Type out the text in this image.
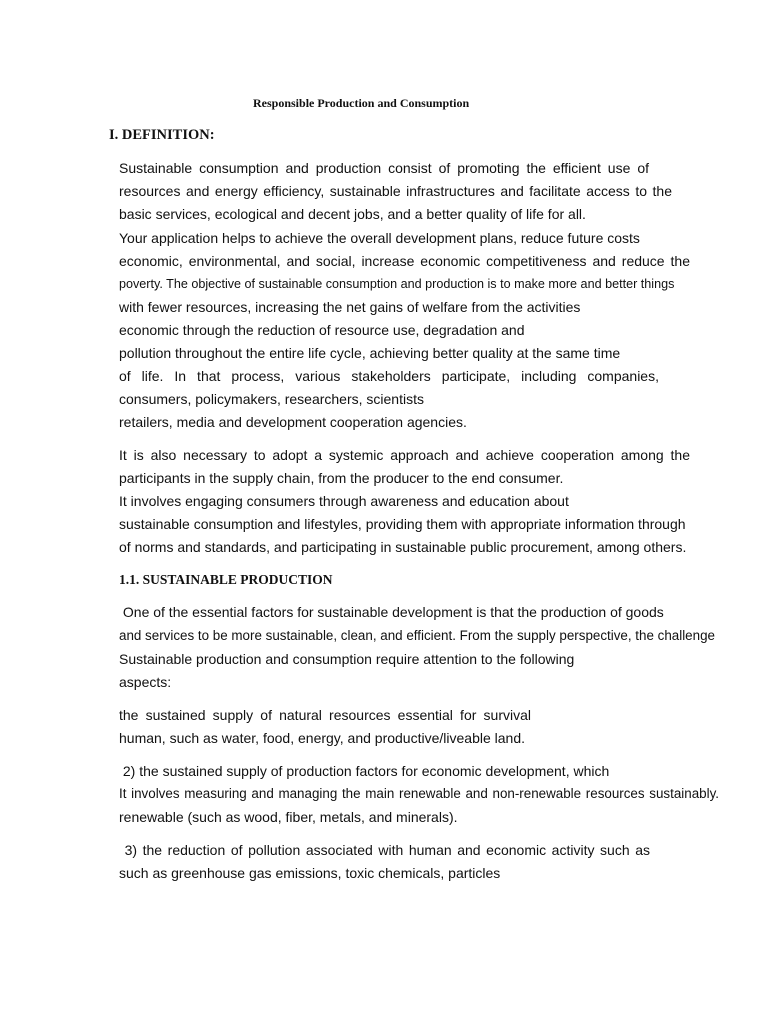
Responsible Production and Consumption
I. DEFINITION:
Sustainable consumption and production consist of promoting the efficient use of
resources and energy efficiency, sustainable infrastructures and facilitate access to the
basic services, ecological and decent jobs, and a better quality of life for all.
Your application helps to achieve the overall development plans, reduce future costs
economic, environmental, and social, increase economic competitiveness and reduce the
poverty. The objective of sustainable consumption and production is to make more and better things
with fewer resources, increasing the net gains of welfare from the activities
economic through the reduction of resource use, degradation and
pollution throughout the entire life cycle, achieving better quality at the same time
of life. In that process, various stakeholders participate, including companies,
consumers, policymakers, researchers, scientists
retailers, media and development cooperation agencies.
It is also necessary to adopt a systemic approach and achieve cooperation among the
participants in the supply chain, from the producer to the end consumer.
It involves engaging consumers through awareness and education about
sustainable consumption and lifestyles, providing them with appropriate information through
of norms and standards, and participating in sustainable public procurement, among others.
1.1. SUSTAINABLE PRODUCTION
One of the essential factors for sustainable development is that the production of goods
and services to be more sustainable, clean, and efficient. From the supply perspective, the challenge
Sustainable production and consumption require attention to the following
aspects:
the sustained supply of natural resources essential for survival
human, such as water, food, energy, and productive/liveable land.
2) the sustained supply of production factors for economic development, which
It involves measuring and managing the main renewable and non-renewable resources sustainably.
renewable (such as wood, fiber, metals, and minerals).
3) the reduction of pollution associated with human and economic activity such as
such as greenhouse gas emissions, toxic chemicals, particles
